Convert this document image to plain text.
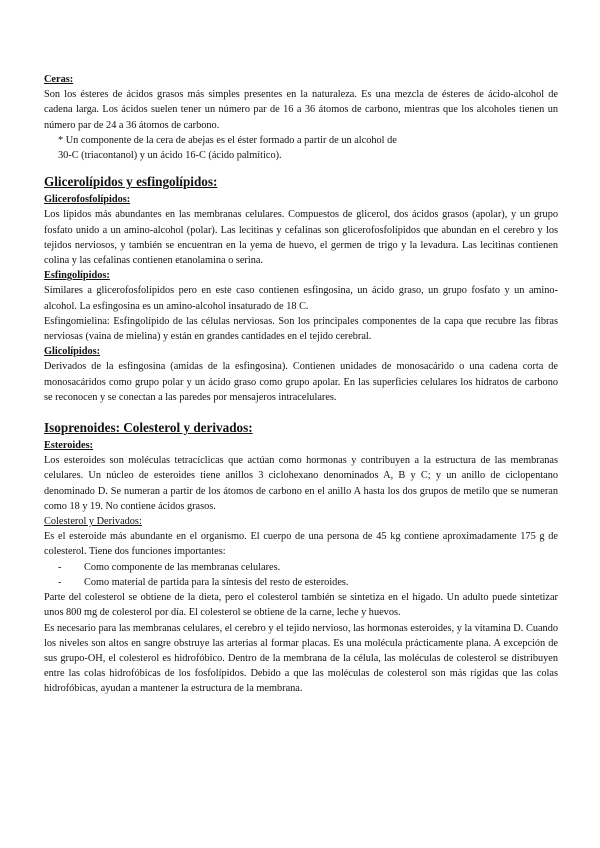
Ceras:

Son los ésteres de ácidos grasos más simples presentes en la naturaleza. Es una mezcla de ésteres de ácido-alcohol de cadena larga. Los ácidos suelen tener un número par de 16 a 36 átomos de carbono, mientras que los alcoholes tienen un número par de 24 a 36 átomos de carbono.

* Un componente de la cera de abejas es el éster formado a partir de un alcohol de

30-C (triacontanol) y un ácido 16-C (ácido palmítico).

Glicerolípidos y esfingolípidos:

Glicerofosfolípidos:

Los lípidos más abundantes en las membranas celulares. Compuestos de glicerol, dos ácidos grasos (apolar), y un grupo fosfato unido a un amino-alcohol (polar). Las lecitinas y cefalinas son glicerofosfolípidos que abundan en el cerebro y los tejidos nerviosos, y también se encuentran en la yema de huevo, el germen de trigo y la levadura. Las lecitinas contienen colina y las cefalinas contienen etanolamina o serina.

Esfingolípidos:

Similares a glicerofosfolípidos pero en este caso contienen esfingosina, un ácido graso, un grupo fosfato y un amino-alcohol. La esfingosina es un amino-alcohol insaturado de 18 C.

Esfingomielina: Esfingolípido de las células nerviosas. Son los principales componentes de la capa que recubre las fibras nerviosas (vaina de mielina) y están en grandes cantidades en el tejido cerebral.

Glicolípidos:

Derivados de la esfingosina (amidas de la esfingosina). Contienen unidades de monosacárido o una cadena corta de monosacáridos como grupo polar y un ácido graso como grupo apolar. En las superficies celulares los hidratos de carbono se reconocen y se conectan a las paredes por mensajeros intracelulares.

Isoprenoides: Colesterol y derivados:

Esteroides:

Los esteroides son moléculas tetracíclicas que actúan como hormonas y contribuyen a la estructura de las membranas celulares. Un núcleo de esteroides tiene anillos 3 ciclohexano denominados A, B y C; y un anillo de ciclopentano denominado D. Se numeran a partir de los átomos de carbono en el anillo A hasta los dos grupos de metilo que se numeran como 18 y 19. No contiene ácidos grasos.

Colesterol y Derivados:

Es el esteroide más abundante en el organismo. El cuerpo de una persona de 45 kg contiene aproximadamente 175 g de colesterol. Tiene dos funciones importantes:

- Como componente de las membranas celulares.
- Como material de partida para la síntesis del resto de esteroides.

Parte del colesterol se obtiene de la dieta, pero el colesterol también se sintetiza en el hígado. Un adulto puede sintetizar unos 800 mg de colesterol por día. El colesterol se obtiene de la carne, leche y huevos.

Es necesario para las membranas celulares, el cerebro y el tejido nervioso, las hormonas esteroides, y la vitamina D. Cuando los niveles son altos en sangre obstruye las arterias al formar placas. Es una molécula prácticamente plana. A excepción de sus grupo-OH, el colesterol es hidrofóbico. Dentro de la membrana de la célula, las moléculas de colesterol se distribuyen entre las colas hidrofóbicas de los fosfolípidos. Debido a que las moléculas de colesterol son más rígidas que las colas hidrofóbicas, ayudan a mantener la estructura de la membrana.
